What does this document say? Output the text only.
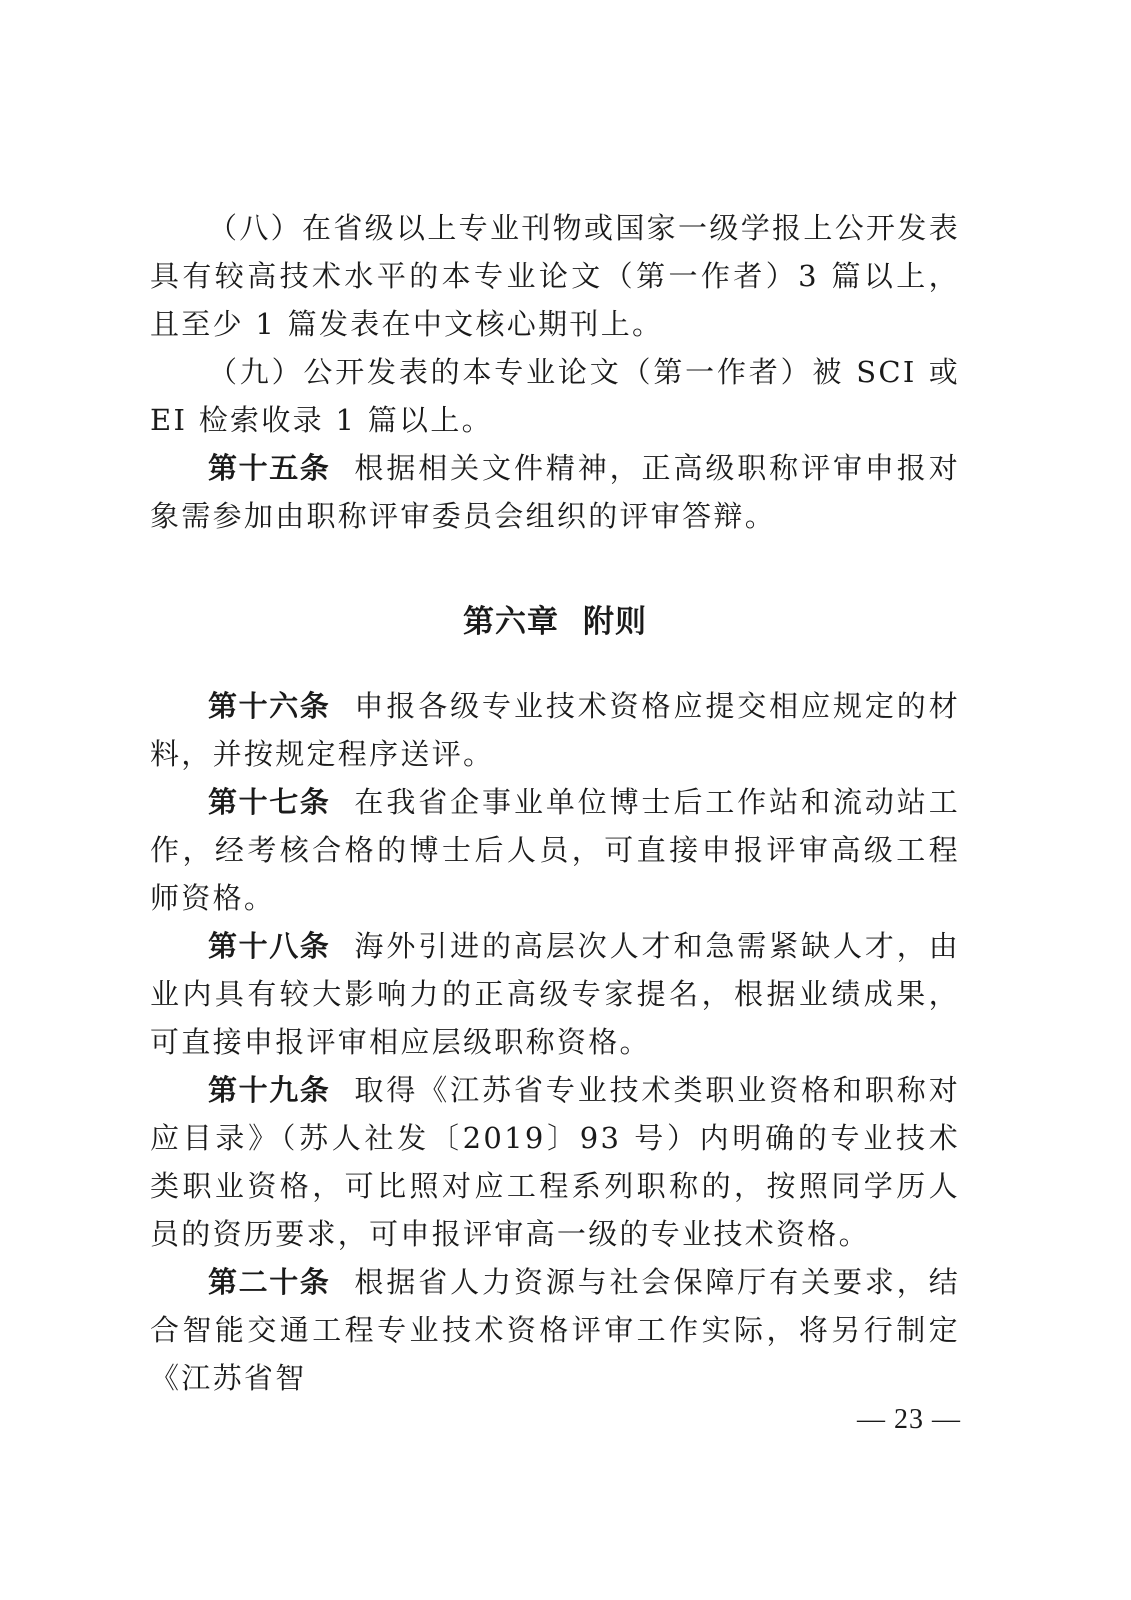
（八）在省级以上专业刊物或国家一级学报上公开发表具有较高技术水平的本专业论文（第一作者）3 篇以上，且至少 1 篇发表在中文核心期刊上。

（九）公开发表的本专业论文（第一作者）被 SCI 或 EI 检索收录 1 篇以上。

第十五条 根据相关文件精神，正高级职称评审申报对象需参加由职称评审委员会组织的评审答辩。

第六章 附则

第十六条 申报各级专业技术资格应提交相应规定的材料，并按规定程序送评。

第十七条 在我省企事业单位博士后工作站和流动站工作，经考核合格的博士后人员，可直接申报评审高级工程师资格。

第十八条 海外引进的高层次人才和急需紧缺人才，由业内具有较大影响力的正高级专家提名，根据业绩成果，可直接申报评审相应层级职称资格。

第十九条 取得《江苏省专业技术类职业资格和职称对应目录》（苏人社发〔2019〕93 号）内明确的专业技术类职业资格，可比照对应工程系列职称的，按照同学历人员的资历要求，可申报评审高一级的专业技术资格。

第二十条 根据省人力资源与社会保障厅有关要求，结合智能交通工程专业技术资格评审工作实际，将另行制定《江苏省智

— 23 —
